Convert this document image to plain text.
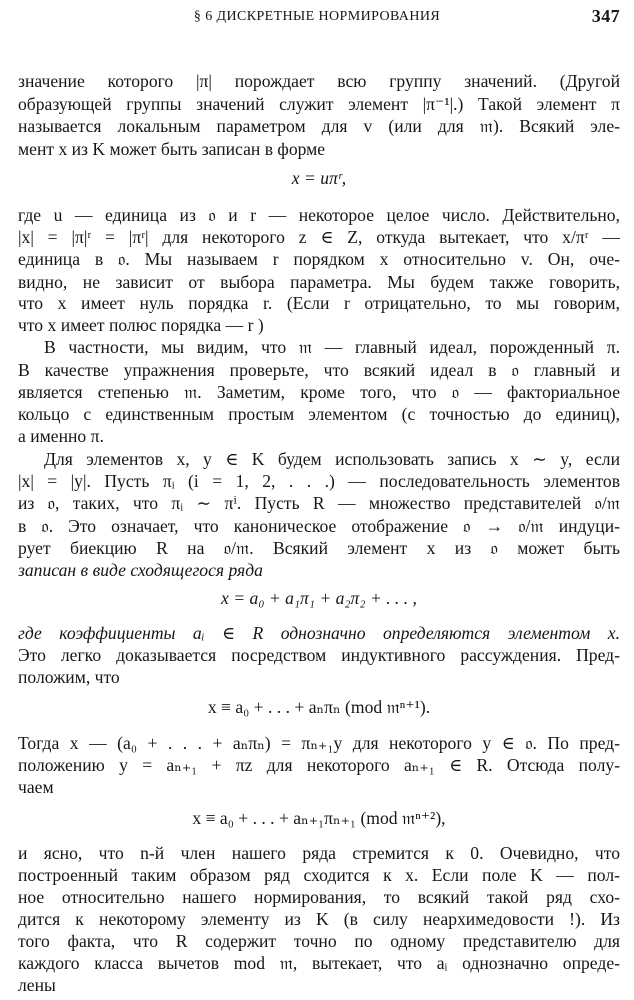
§ 6 ДИСКРЕТНЫЕ НОРМИРОВАНИЯ	347
значение которого |π| порождает всю группу значений. (Другой
образующей группы значений служит элемент |π⁻¹|.) Такой элемент π
называется локальным параметром для v (или для 𝔪). Всякий эле-
мент x из K может быть записан в форме
x = uπʳ,
где u — единица из 𝔬 и r — некоторое целое число. Действительно,
|x| = |π|ʳ = |πʳ| для некоторого z ∈ Z, откуда вытекает, что x/πʳ —
единица в 𝔬. Мы называем r порядком x относительно v. Он, оче-
видно, не зависит от выбора параметра. Мы будем также говорить,
что x имеет нуль порядка r. (Если r отрицательно, то мы говорим,
что x имеет полюс порядка — r )
В частности, мы видим, что 𝔪 — главный идеал, порожденный π.
В качестве упражнения проверьте, что всякий идеал в 𝔬 главный и
является степенью 𝔪. Заметим, кроме того, что 𝔬 — факториальное
кольцо с единственным простым элементом (с точностью до единиц),
а именно π.
Для элементов x, y ∈ K будем использовать запись x ∼ y, если
|x| = |y|. Пусть πᵢ (i = 1, 2, . . .) — последовательность элементов
из 𝔬, таких, что πᵢ ∼ πⁱ. Пусть R — множество представителей 𝔬/𝔪
в 𝔬. Это означает, что каноническое отображение 𝔬 → 𝔬/𝔪 индуци-
рует биекцию R на 𝔬/𝔪. Всякий элемент x из 𝔬 может быть
записан в виде сходящегося ряда
x = a₀ + a₁π₁ + a₂π₂ + . . . ,
где коэффициенты aᵢ ∈ R однозначно определяются элементом x.
Это легко доказывается посредством индуктивного рассуждения. Пред-
положим, что
x ≡ a₀ + . . . + aₙπₙ (mod 𝔪ⁿ⁺¹).
Тогда x — (a₀ + . . . + aₙπₙ) = πₙ₊₁y для некоторого y ∈ 𝔬. По пред-
положению y = aₙ₊₁ + πz для некоторого aₙ₊₁ ∈ R. Отсюда полу-
чаем
x ≡ a₀ + . . . + aₙ₊₁πₙ₊₁ (mod 𝔪ⁿ⁺²),
и ясно, что n-й член нашего ряда стремится к 0. Очевидно, что
построенный таким образом ряд сходится к x. Если поле K — пол-
ное относительно нашего нормирования, то всякий такой ряд схо-
дится к некоторому элементу из K (в силу неархимедовости !). Из
того факта, что R содержит точно по одному представителю для
каждого класса вычетов mod 𝔪, вытекает, что aᵢ однозначно опреде-
лены
